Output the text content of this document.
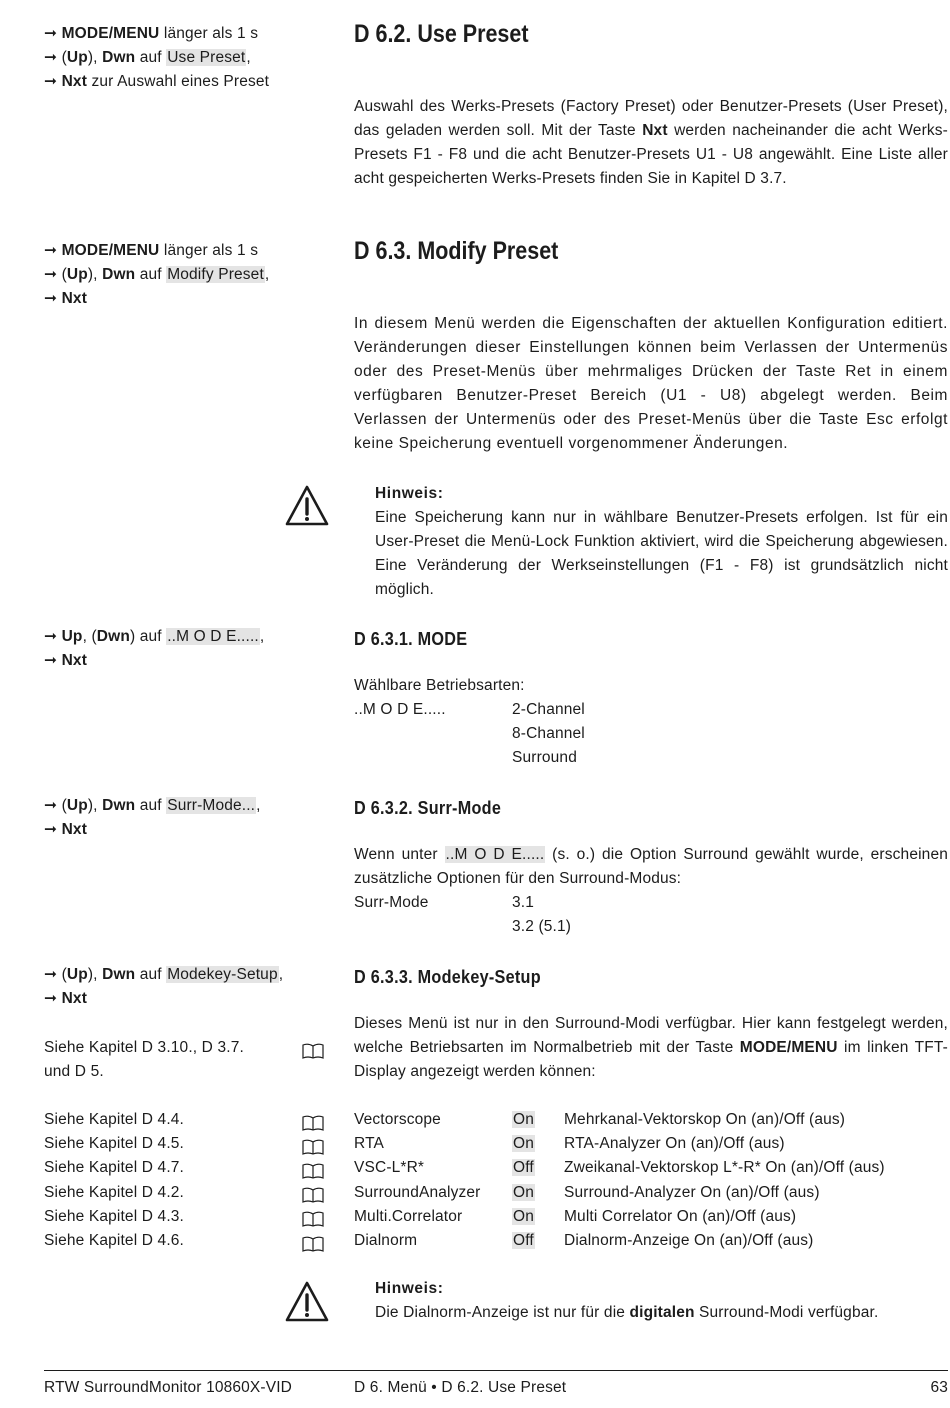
➞ MODE/MENU länger als 1 s
➞ (Up), Dwn auf Use Preset,
➞ Nxt zur Auswahl eines Preset
D 6.2. Use Preset
Auswahl des Werks-Presets (Factory Preset) oder Benutzer-Presets (User Preset), das geladen werden soll. Mit der Taste Nxt werden nacheinander die acht Werks-Presets F1 - F8 und die acht Benutzer-Presets U1 - U8 angewählt. Eine Liste aller acht gespeicherten Werks-Presets finden Sie in Kapitel D 3.7.
➞ MODE/MENU länger als 1 s
➞ (Up), Dwn auf Modify Preset,
➞ Nxt
D 6.3. Modify Preset
In diesem Menü werden die Eigenschaften der aktuellen Konfiguration editiert. Veränderungen dieser Einstellungen können beim Verlassen der Untermenüs oder des Preset-Menüs über mehrmaliges Drücken der Taste Ret in einem verfügbaren Benutzer-Preset Bereich (U1 - U8) abgelegt werden. Beim Verlassen der Untermenüs oder des Preset-Menüs über die Taste Esc erfolgt keine Speicherung eventuell vorgenommener Änderungen.
Hinweis:
Eine Speicherung kann nur in wählbare Benutzer-Presets erfolgen. Ist für ein User-Preset die Menü-Lock Funktion aktiviert, wird die Speicherung abgewiesen. Eine Veränderung der Werkseinstellungen (F1 - F8) ist grundsätzlich nicht möglich.
➞ Up, (Dwn) auf ..M O D E.....,
➞ Nxt
D 6.3.1. MODE
Wählbare Betriebsarten:
..M O D E.....	2-Channel
	8-Channel
	Surround
➞ (Up), Dwn auf Surr-Mode...,
➞ Nxt
D 6.3.2. Surr-Mode
Wenn unter ..M O D E..... (s. o.) die Option Surround gewählt wurde, erscheinen zusätzliche Optionen für den Surround-Modus:
Surr-Mode	3.1
	3.2 (5.1)
➞ (Up), Dwn auf Modekey-Setup,
➞ Nxt
D 6.3.3. Modekey-Setup
Siehe Kapitel D 3.10., D 3.7. und D 5.
Dieses Menü ist nur in den Surround-Modi verfügbar. Hier kann festgelegt werden, welche Betriebsarten im Normalbetrieb mit der Taste MODE/MENU im linken TFT-Display angezeigt werden können:
Siehe Kapitel D 4.4.
Siehe Kapitel D 4.5.
Siehe Kapitel D 4.7.
Siehe Kapitel D 4.2.
Siehe Kapitel D 4.3.
Siehe Kapitel D 4.6.
Vectorscope	On	Mehrkanal-Vektorskop On (an)/Off (aus)
RTA	On	RTA-Analyzer On (an)/Off (aus)
VSC-L*R*	Off	Zweikanal-Vektorskop L*-R* On (an)/Off (aus)
SurroundAnalyzer	On	Surround-Analyzer On (an)/Off (aus)
Multi.Correlator	On	Multi Correlator On (an)/Off (aus)
Dialnorm	Off	Dialnorm-Anzeige On (an)/Off (aus)
Hinweis:
Die Dialnorm-Anzeige ist nur für die digitalen Surround-Modi verfügbar.
RTW SurroundMonitor 10860X-VID	D 6. Menü • D 6.2. Use Preset	63
